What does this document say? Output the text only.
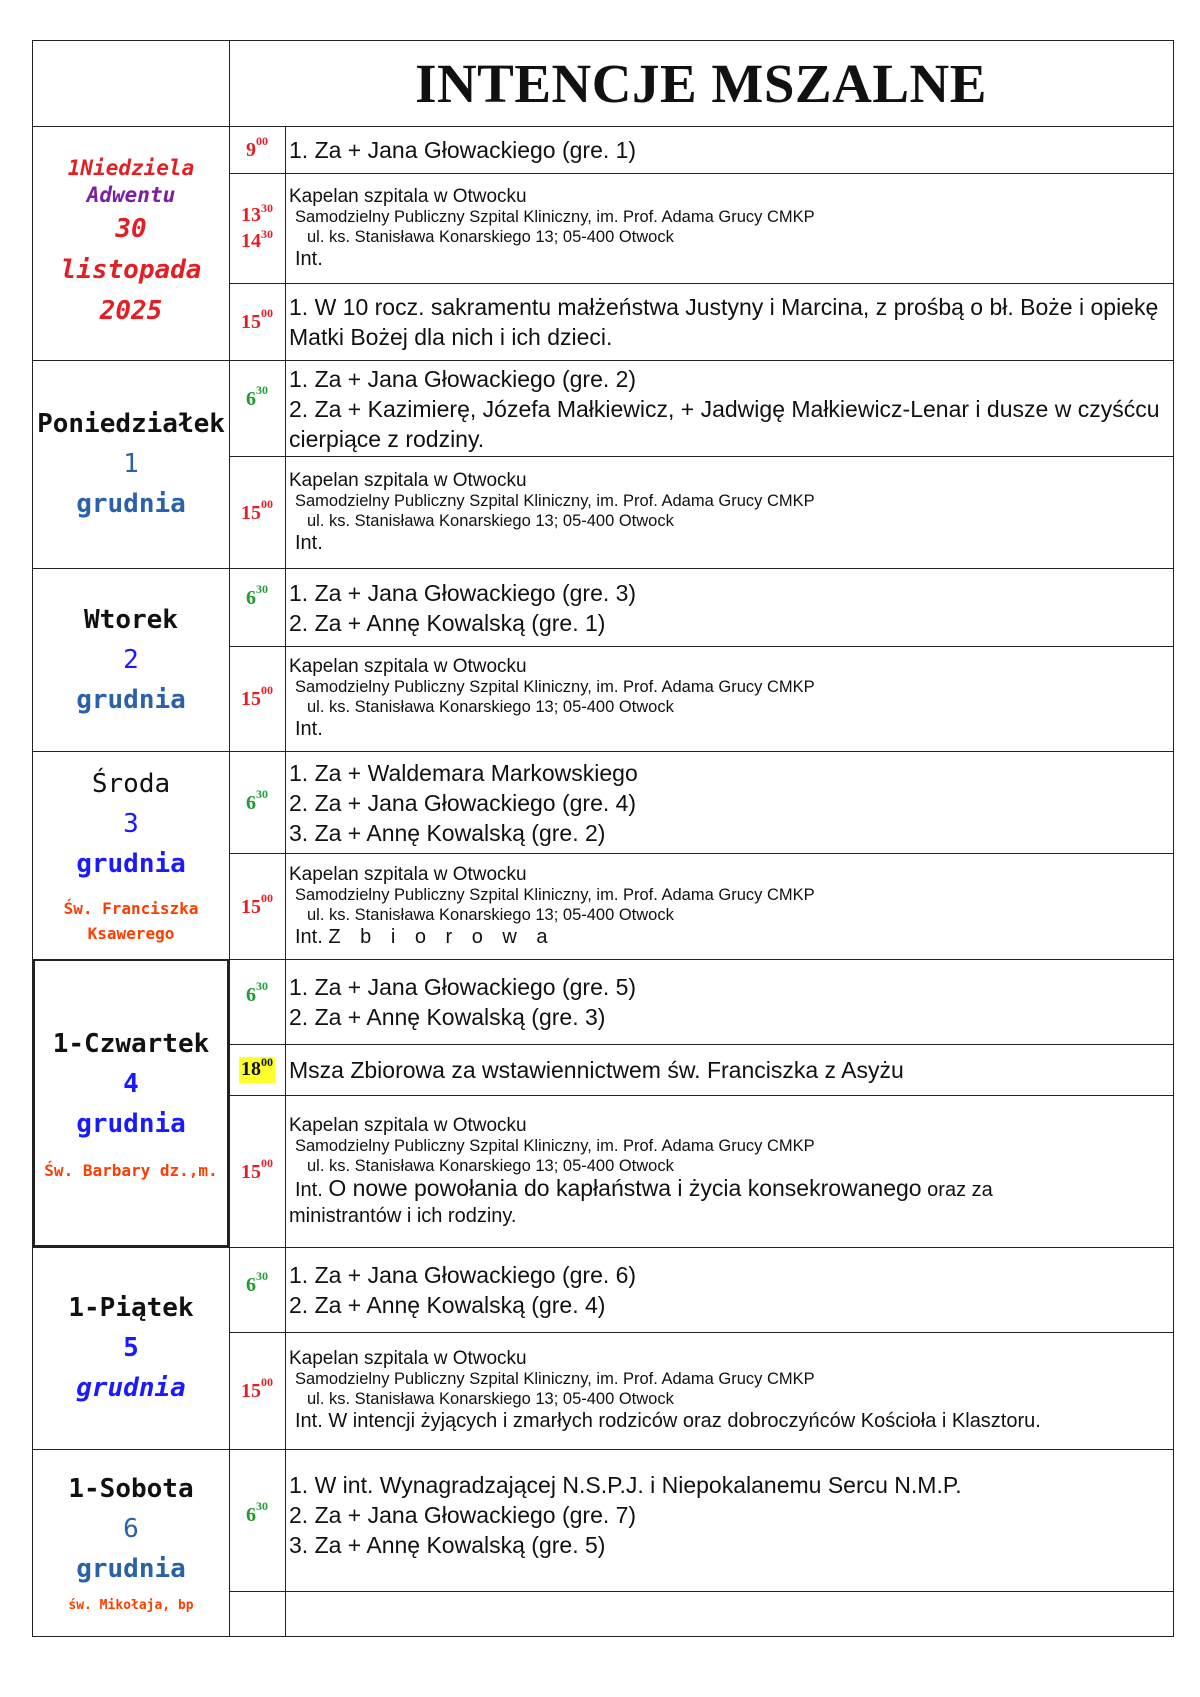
INTENCJE MSZALNE
1Niedziela
Adwentu
30
listopada
2025
Poniedziałek
1
grudnia
Wtorek
2
grudnia
Środa
3
grudnia
Św. Franciszka
Ksawerego
1-Czwartek
4
grudnia
Św. Barbary dz.,m.
1-Piątek
5
grudnia
1-Sobota
6
grudnia
św. Mikołaja, bp
$9^{00}$
$13^{30}$
$14^{30}$
$15^{00}$
$6^{30}$
$15^{00}$
$6^{30}$
$15^{00}$
$6^{30}$
$15^{00}$
$6^{30}$
$18^{00}$
$15^{00}$
$6^{30}$
$15^{00}$
$6^{30}$
1. Za + Jana Głowackiego (gre. 1)
Kapelan szpitala w Otwocku
Samodzielny Publiczny Szpital Kliniczny, im. Prof. Adama Grucy CMKP
ul. ks. Stanisława Konarskiego 13; 05-400 Otwock
Int.
1. W 10 rocz. sakramentu małżeństwa Justyny i Marcina, z prośbą o bł. Boże i opiekę Matki Bożej dla nich i ich dzieci.
1. Za + Jana Głowackiego (gre. 2)
2. Za + Kazimierę, Józefa Małkiewicz, + Jadwigę Małkiewicz-Lenar i dusze w czyśćcu cierpiące z rodziny.
Kapelan szpitala w Otwocku
Samodzielny Publiczny Szpital Kliniczny, im. Prof. Adama Grucy CMKP
ul. ks. Stanisława Konarskiego 13; 05-400 Otwock
Int.
1. Za + Jana Głowackiego (gre. 3)
2. Za + Annę Kowalską (gre. 1)
Kapelan szpitala w Otwocku
Samodzielny Publiczny Szpital Kliniczny, im. Prof. Adama Grucy CMKP
ul. ks. Stanisława Konarskiego 13; 05-400 Otwock
Int.
1. Za + Waldemara Markowskiego
2. Za + Jana Głowackiego (gre. 4)
3. Za + Annę Kowalską (gre. 2)
Kapelan szpitala w Otwocku
Samodzielny Publiczny Szpital Kliniczny, im. Prof. Adama Grucy CMKP
ul. ks. Stanisława Konarskiego 13; 05-400 Otwock
Int. Z b i o r o w a
1. Za + Jana Głowackiego (gre. 5)
2. Za + Annę Kowalską (gre. 3)
Msza Zbiorowa za wstawiennictwem św. Franciszka z Asyżu
Kapelan szpitala w Otwocku
Samodzielny Publiczny Szpital Kliniczny, im. Prof. Adama Grucy CMKP
ul. ks. Stanisława Konarskiego 13; 05-400 Otwock
Int. O nowe powołania do kapłaństwa i życia konsekrowanego oraz za
ministrantów i ich rodziny.
1. Za + Jana Głowackiego (gre. 6)
2. Za + Annę Kowalską (gre. 4)
Kapelan szpitala w Otwocku
Samodzielny Publiczny Szpital Kliniczny, im. Prof. Adama Grucy CMKP
ul. ks. Stanisława Konarskiego 13; 05-400 Otwock
Int. W intencji żyjących i zmarłych rodziców oraz dobroczyńców Kościoła i Klasztoru.
1. W int. Wynagradzającej N.S.P.J. i Niepokalanemu Sercu N.M.P.
2. Za + Jana Głowackiego (gre. 7)
3. Za + Annę Kowalską (gre. 5)
